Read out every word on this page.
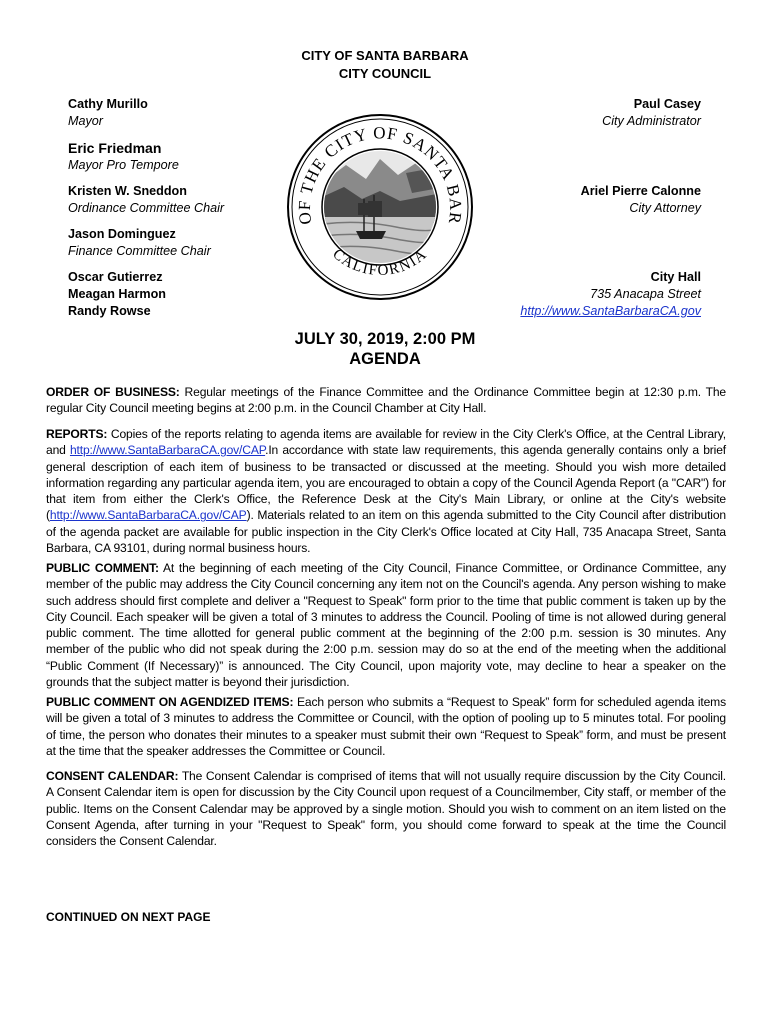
CITY OF SANTA BARBARA
CITY COUNCIL
Cathy Murillo
Mayor
Eric Friedman
Mayor Pro Tempore
Kristen W. Sneddon
Ordinance Committee Chair
Jason Dominguez
Finance Committee Chair
Oscar Gutierrez
Meagan Harmon
Randy Rowse
Paul Casey
City Administrator
Ariel Pierre Calonne
City Attorney
City Hall
735 Anacapa Street
http://www.SantaBarbaraCA.gov
OF THE CITY OF SANTA BAR
CALIFORNIA
JULY 30, 2019, 2:00 PM
AGENDA
ORDER OF BUSINESS: Regular meetings of the Finance Committee and the Ordinance Committee begin at 12:30 p.m. The regular City Council meeting begins at 2:00 p.m. in the Council Chamber at City Hall.
REPORTS: Copies of the reports relating to agenda items are available for review in the City Clerk's Office, at the Central Library, and http://www.SantaBarbaraCA.gov/CAP.In accordance with state law requirements, this agenda generally contains only a brief general description of each item of business to be transacted or discussed at the meeting. Should you wish more detailed information regarding any particular agenda item, you are encouraged to obtain a copy of the Council Agenda Report (a "CAR") for that item from either the Clerk's Office, the Reference Desk at the City's Main Library, or online at the City's website (http://www.SantaBarbaraCA.gov/CAP). Materials related to an item on this agenda submitted to the City Council after distribution of the agenda packet are available for public inspection in the City Clerk's Office located at City Hall, 735 Anacapa Street, Santa Barbara, CA 93101, during normal business hours.
PUBLIC COMMENT: At the beginning of each meeting of the City Council, Finance Committee, or Ordinance Committee, any member of the public may address the City Council concerning any item not on the Council's agenda. Any person wishing to make such address should first complete and deliver a "Request to Speak" form prior to the time that public comment is taken up by the City Council. Each speaker will be given a total of 3 minutes to address the Council. Pooling of time is not allowed during general public comment. The time allotted for general public comment at the beginning of the 2:00 p.m. session is 30 minutes. Any member of the public who did not speak during the 2:00 p.m. session may do so at the end of the meeting when the additional “Public Comment (If Necessary)” is announced. The City Council, upon majority vote, may decline to hear a speaker on the grounds that the subject matter is beyond their jurisdiction.
PUBLIC COMMENT ON AGENDIZED ITEMS: Each person who submits a “Request to Speak” form for scheduled agenda items will be given a total of 3 minutes to address the Committee or Council, with the option of pooling up to 5 minutes total. For pooling of time, the person who donates their minutes to a speaker must submit their own “Request to Speak” form, and must be present at the time that the speaker addresses the Committee or Council.
CONSENT CALENDAR: The Consent Calendar is comprised of items that will not usually require discussion by the City Council. A Consent Calendar item is open for discussion by the City Council upon request of a Councilmember, City staff, or member of the public. Items on the Consent Calendar may be approved by a single motion. Should you wish to comment on an item listed on the Consent Agenda, after turning in your "Request to Speak" form, you should come forward to speak at the time the Council considers the Consent Calendar.
CONTINUED ON NEXT PAGE
